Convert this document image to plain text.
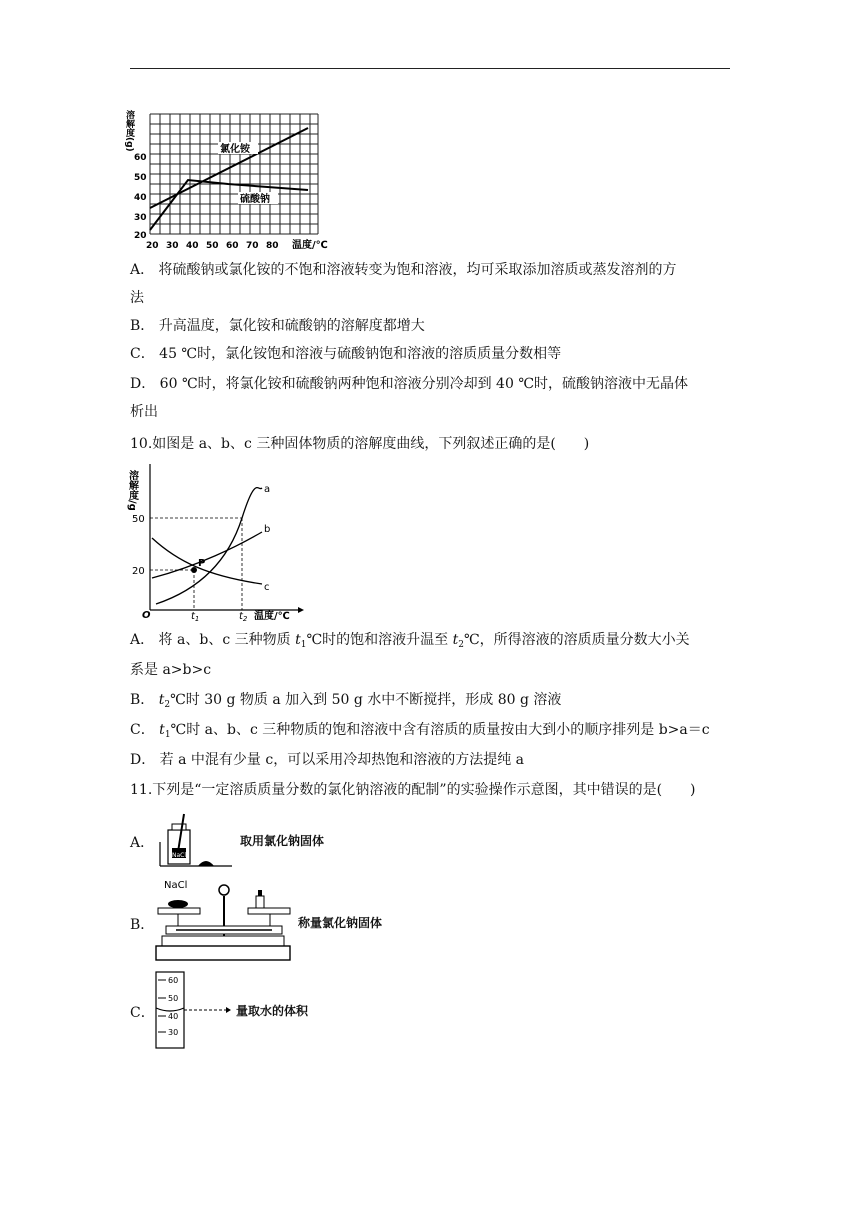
溶解度(g)
60
50
40
30
20
20 30 40 50 60 70 80 温度/℃
氯化铵
硫酸钠
A． 将硫酸钠或氯化铵的不饱和溶液转变为饱和溶液，均可采取添加溶质或蒸发溶剂的方
法
B． 升高温度，氯化铵和硫酸钠的溶解度都增大
C． 45 ℃时，氯化铵饱和溶液与硫酸钠饱和溶液的溶质质量分数相等
D． 60 ℃时，将氯化铵和硫酸钠两种饱和溶液分别冷却到 40 ℃时，硫酸钠溶液中无晶体
析出
10.如图是 a、b、c 三种固体物质的溶解度曲线，下列叙述正确的是(　　)
溶解度/g
50
20
O	$t_1$	$t_2$ 温度/℃
P
a
b
c
A． 将 a、b、c 三种物质 $t_1℃$时的饱和溶液升温至 $t_2℃$，所得溶液的溶质质量分数大小关
系是 a>b>c
B． $t_2℃$时 30 g 物质 a 加入到 50 g 水中不断搅拌，形成 80 g 溶液
C． $t_1℃$时 a、b、c 三种物质的饱和溶液中含有溶质的质量按由大到小的顺序排列是 b>a＝c
D． 若 a 中混有少量 c，可以采用冷却热饱和溶液的方法提纯 a
11.下列是“一定溶质质量分数的氯化钠溶液的配制”的实验操作示意图，其中错误的是(　　)
A．
NaCl
取用氯化钠固体
B．
NaCl
称量氯化钠固体
C．
60
50
40
30
量取水的体积
